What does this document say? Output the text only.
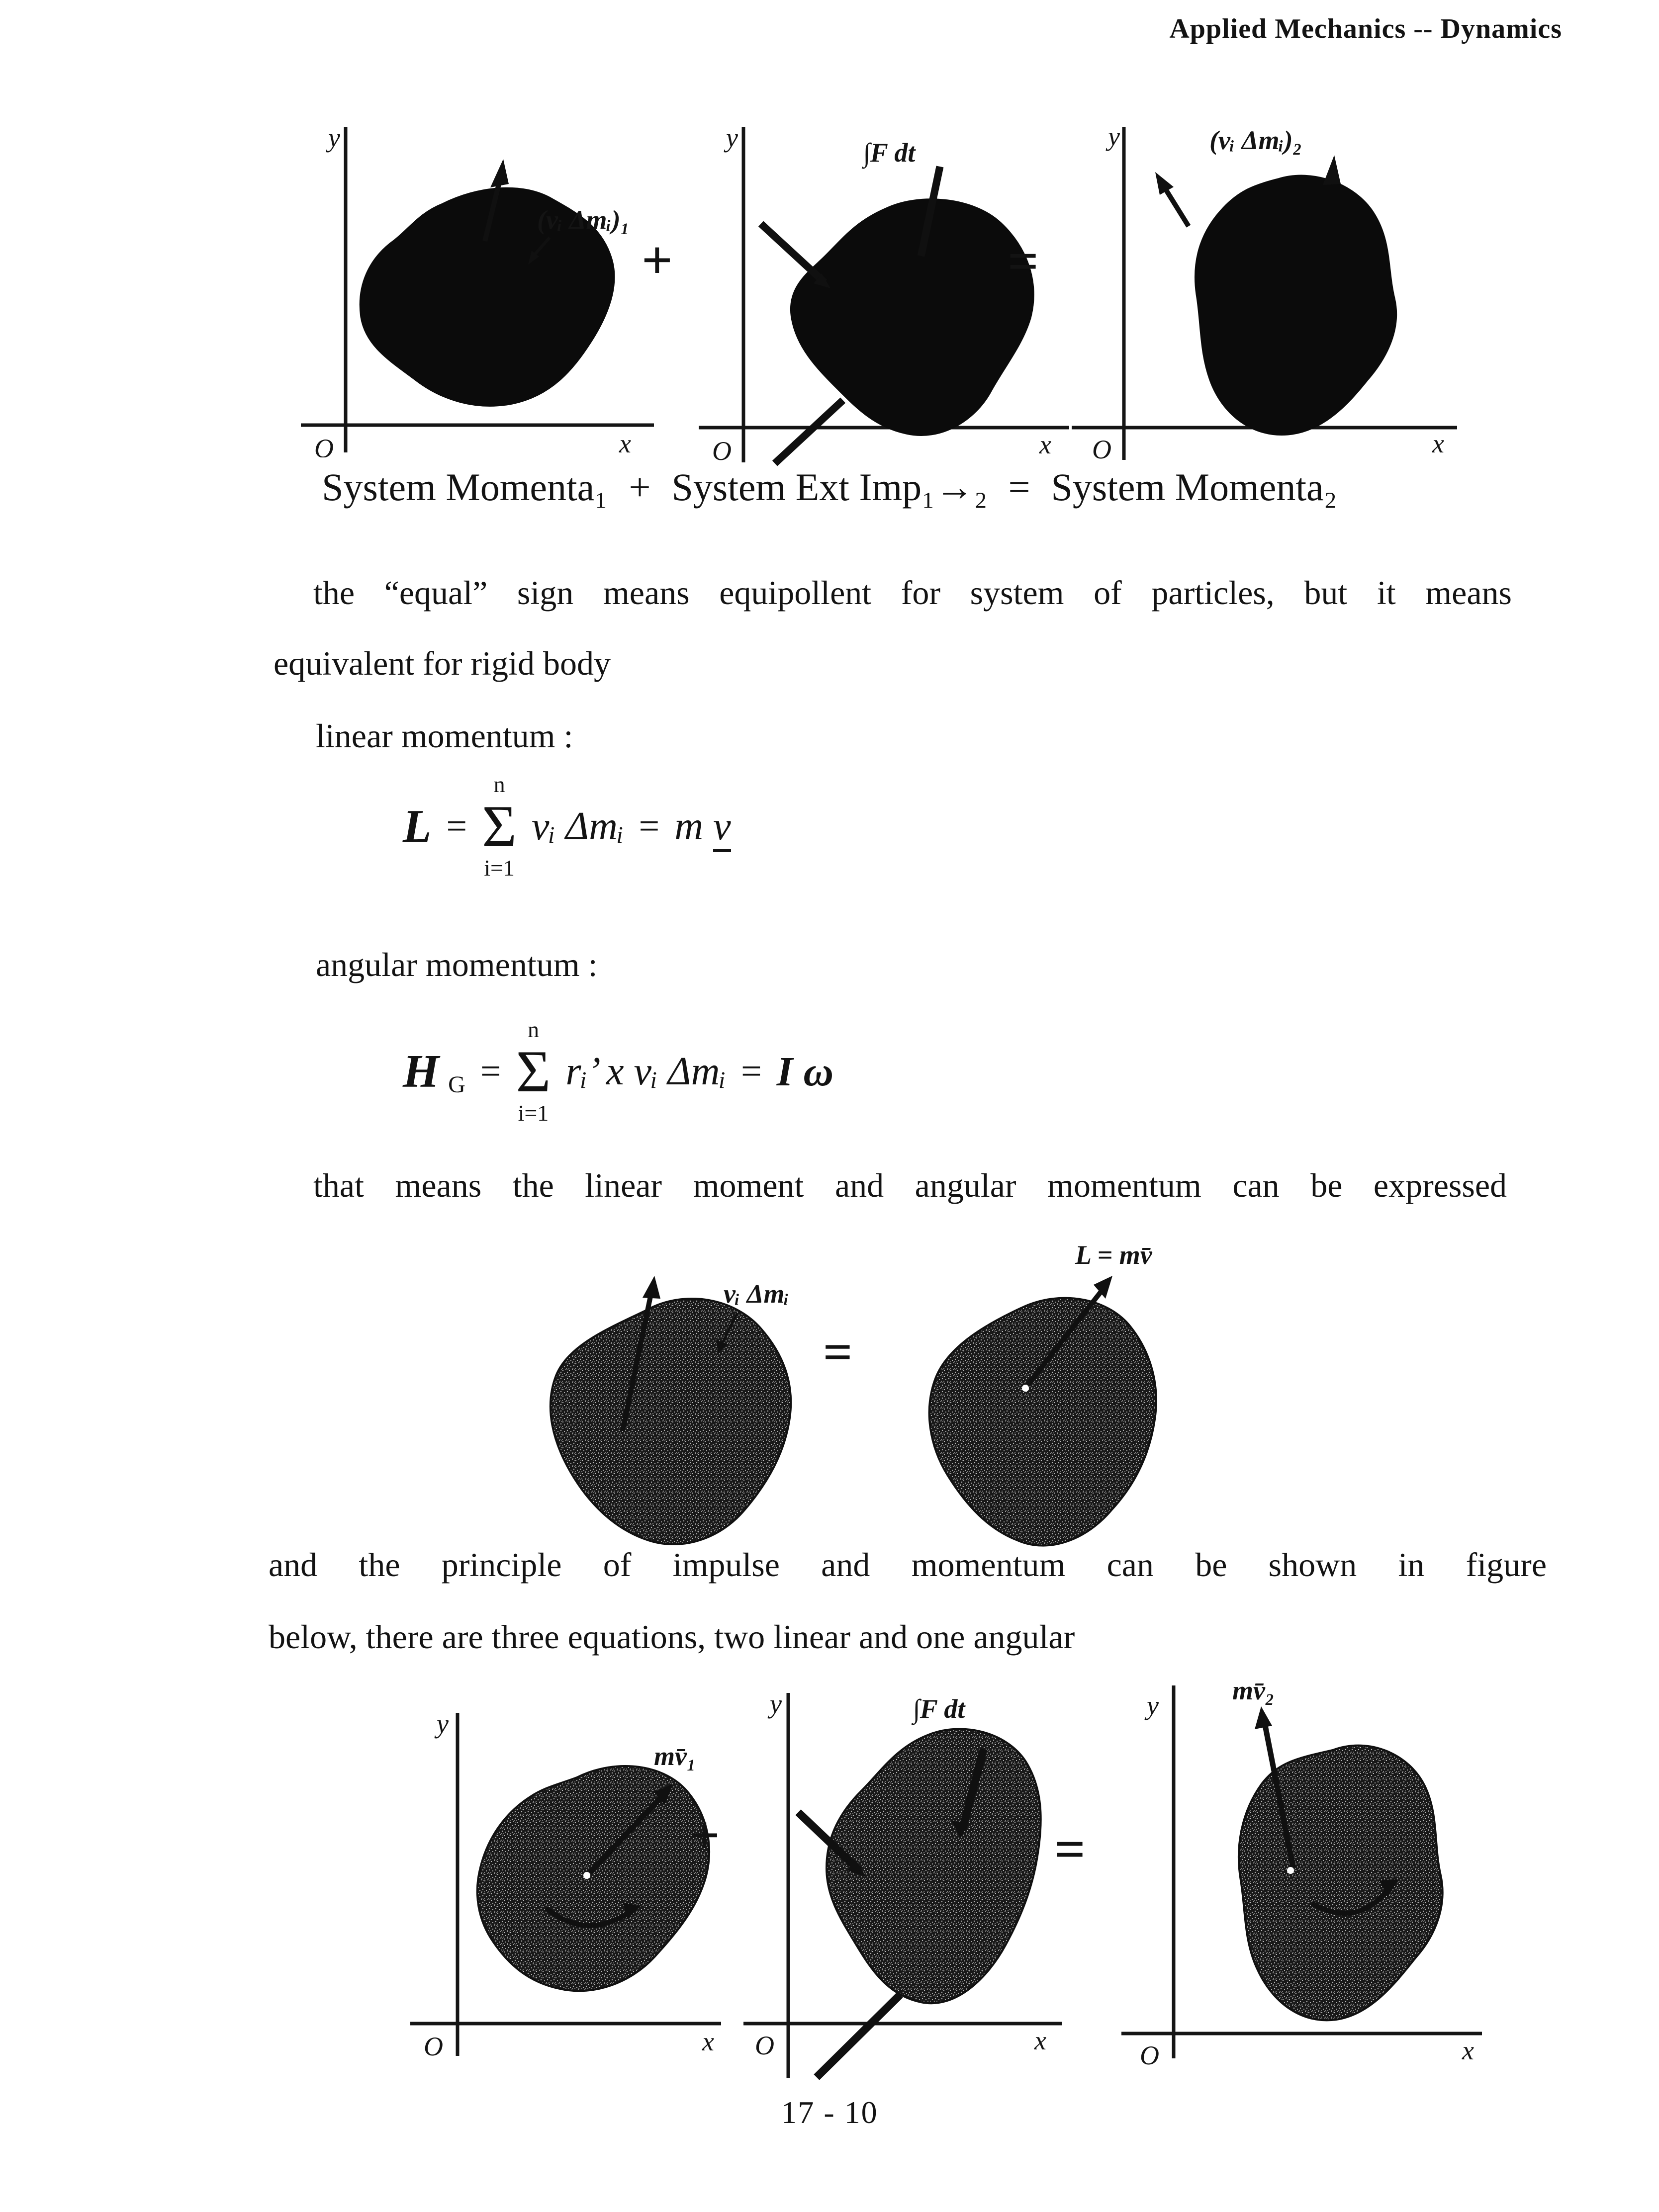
Applied Mechanics -- Dynamics
y
x
O
(vᵢ Δmᵢ)₁
+
y
x
O
∫F dt
=
y
x
O
(vᵢ Δmᵢ)₂
System Momenta₁ + System Ext Imp₁→₂ = System Momenta₂
the “equal” sign means equipollent for system of particles, but it means
equivalent for rigid body
linear momentum :
L =
n
Σ
i=1
vᵢ Δmᵢ = m v
angular momentum :
H G =
n
Σ
i=1
rᵢ’ x vᵢ Δmᵢ = I ω
that means the linear moment and angular momentum can be expressed
vᵢ Δmᵢ
L = mv̄
=
and the principle of impulse and momentum can be shown in figure
below, there are three equations, two linear and one angular
y
x
O
mv̄₁
+
y
x
O
∫F dt
=
y
x
O
mv̄₂
17 - 10
